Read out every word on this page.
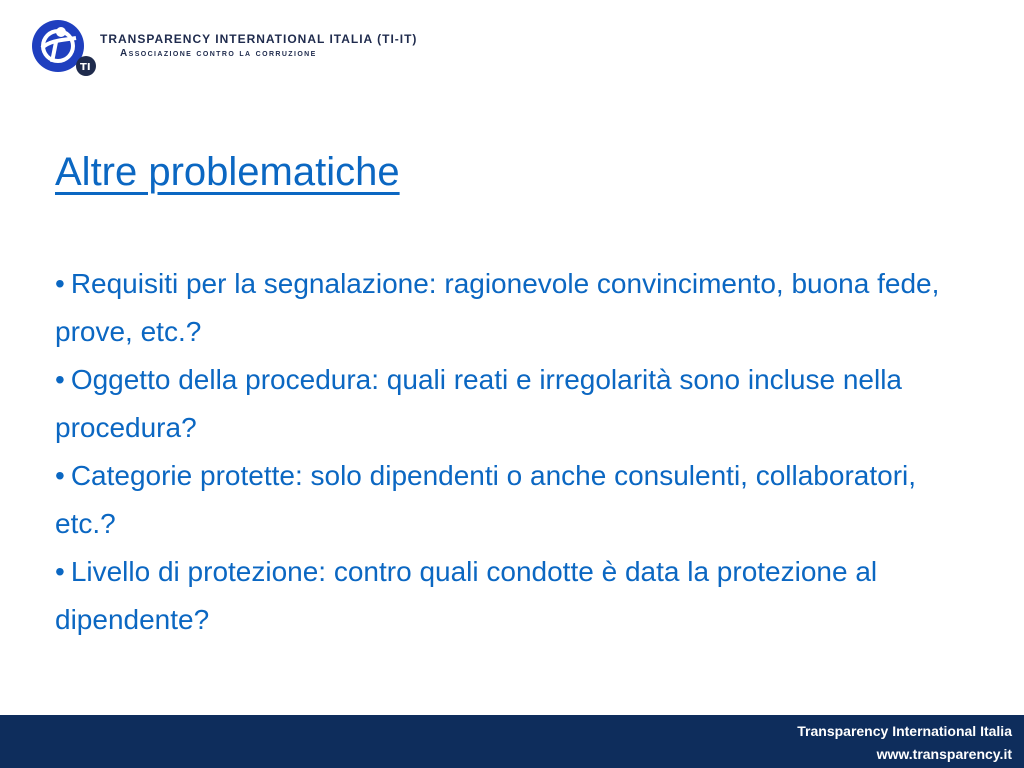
TI
TRANSPARENCY INTERNATIONAL ITALIA (TI-IT)
Associazione contro la corruzione
Altre problematiche
• Requisiti per la segnalazione: ragionevole convincimento, buona fede, prove, etc.?
• Oggetto della procedura: quali reati e irregolarità sono incluse nella procedura?
• Categorie protette: solo dipendenti o anche consulenti, collaboratori, etc.?
• Livello di protezione: contro quali condotte è data la protezione al dipendente?
Transparency International Italia
www.transparency.it
